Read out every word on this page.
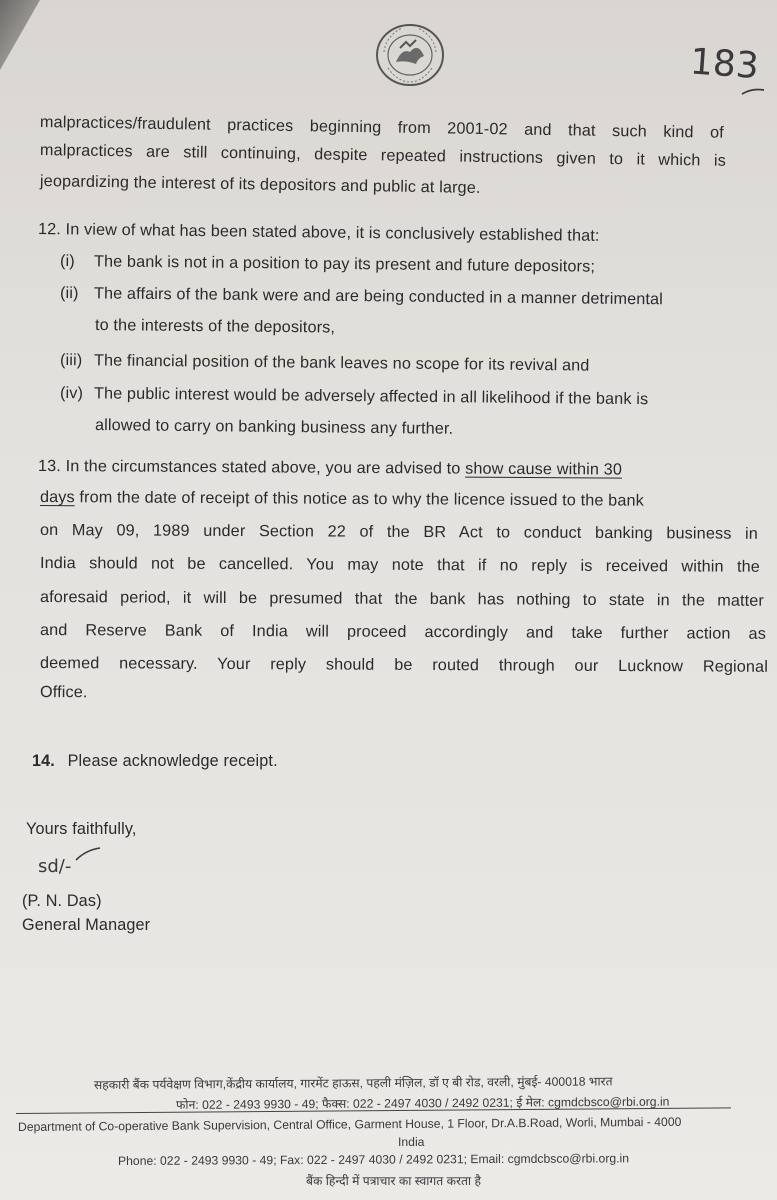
183
malpractices/fraudulent practices beginning from 2001-02 and that such kind of
malpractices are still continuing, despite repeated instructions given to it which is
jeopardizing the interest of its depositors and public at large.
12. In view of what has been stated above, it is conclusively established that:
(i) The bank is not in a position to pay its present and future depositors;
(ii) The affairs of the bank were and are being conducted in a manner detrimental
to the interests of the depositors,
(iii) The financial position of the bank leaves no scope for its revival and
(iv) The public interest would be adversely affected in all likelihood if the bank is
allowed to carry on banking business any further.
13. In the circumstances stated above, you are advised to show cause within 30
days from the date of receipt of this notice as to why the licence issued to the bank
on May 09, 1989 under Section 22 of the BR Act to conduct banking business in
India should not be cancelled. You may note that if no reply is received within the
aforesaid period, it will be presumed that the bank has nothing to state in the matter
and Reserve Bank of India will proceed accordingly and take further action as
deemed necessary. Your reply should be routed through our Lucknow Regional
Office.
14. Please acknowledge receipt.
Yours faithfully,
sd/-
(P. N. Das)
General Manager
सहकारी बैंक पर्यवेक्षण विभाग,केंद्रीय कार्यालय, गारमेंट हाऊस, पहली मंज़िल, डॉ ए बी रोड, वरली, मुंबई- 400018 भारत
फोन: 022 - 2493 9930 - 49; फैक्स: 022 - 2497 4030 / 2492 0231; ई मेल: cgmdcbsco@rbi.org.in
Department of Co-operative Bank Supervision, Central Office, Garment House, 1 Floor, Dr.A.B.Road, Worli, Mumbai - 4000
India
Phone: 022 - 2493 9930 - 49; Fax: 022 - 2497 4030 / 2492 0231; Email: cgmdcbsco@rbi.org.in
बैंक हिन्दी में पत्राचार का स्वागत करता है
